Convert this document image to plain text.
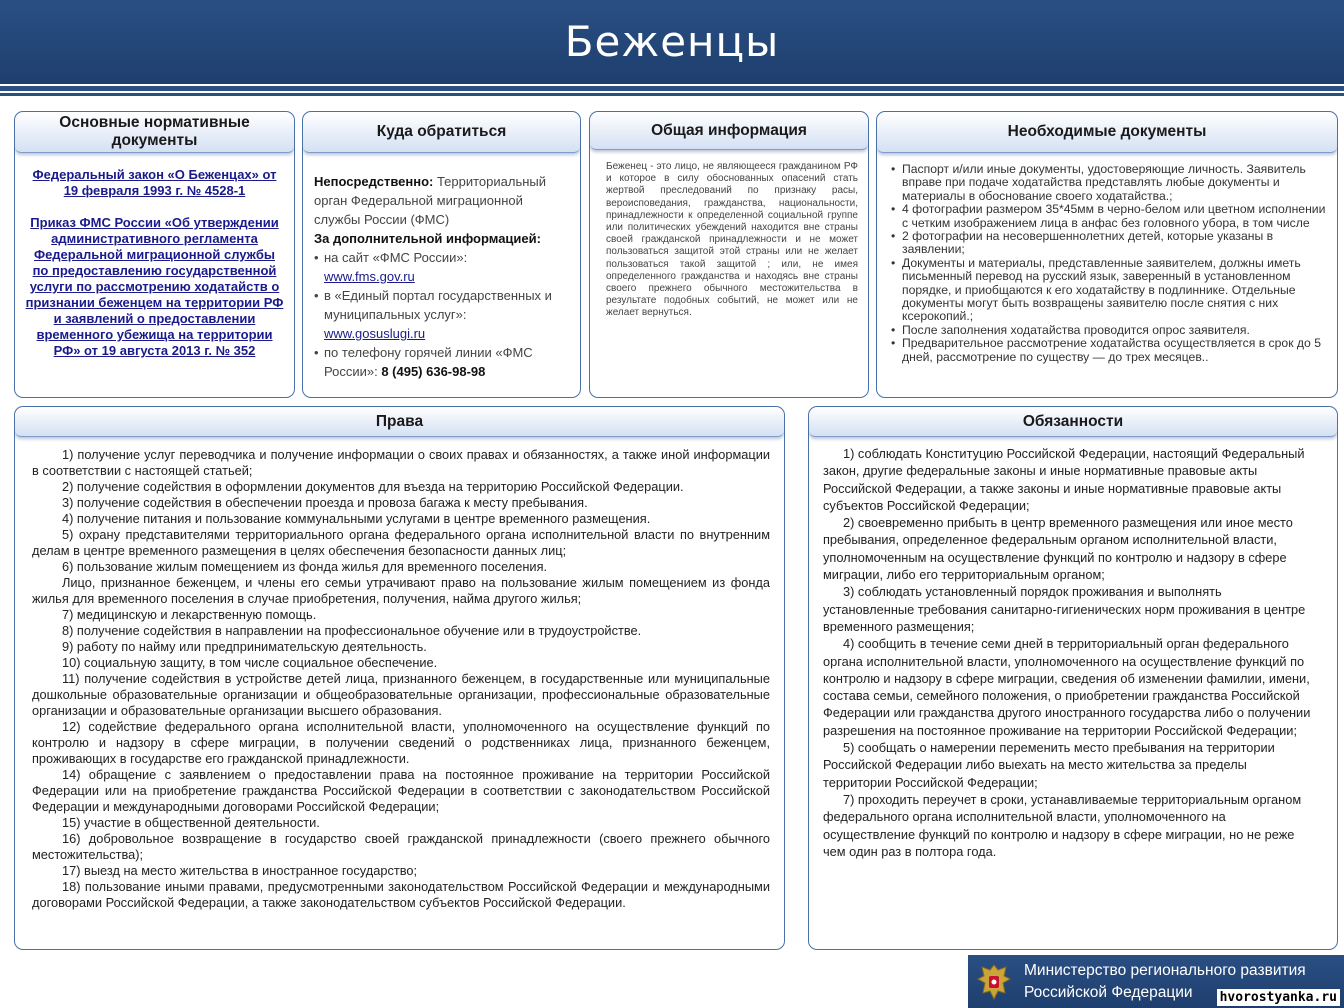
Беженцы
Основные нормативные документы
Федеральный закон «О Беженцах» от 19 февраля 1993 г. № 4528-1
Приказ ФМС России «Об утверждении административного регламента Федеральной миграционной службы по предоставлению государственной услуги по рассмотрению ходатайств о признании беженцем на территории РФ и заявлений о предоставлении временного убежища на территории РФ» от 19 августа 2013 г. № 352
Куда обратиться

Непосредственно: Территориальный орган Федеральной миграционной службы России (ФМС)

За дополнительной информацией:

• на сайт «ФМС России»:
www.fms.gov.ru
• в «Единый портал государственных и муниципальных услуг»:
www.gosuslugi.ru
• по телефону горячей линии «ФМС России»: 8 (495) 636-98-98
Общая информация

Беженец - это лицо, не являющееся гражданином РФ и которое в силу обоснованных опасений стать жертвой преследований по признаку расы, вероисповедания, гражданства, национальности, принадлежности к определенной социальной группе или политических убеждений находится вне страны своей гражданской принадлежности и не может пользоваться защитой этой страны или не желает пользоваться такой защитой ; или, не имея определенного гражданства и находясь вне страны своего прежнего обычного местожительства в результате подобных событий, не может или не желает вернуться.

Необходимые документы
• Паспорт и/или иные документы, удостоверяющие личность. Заявитель вправе при подаче ходатайства представлять любые документы и материалы в обоснование своего ходатайства.;
• 4 фотографии размером 35*45мм в черно-белом или цветном исполнении с четким изображением лица в анфас без головного убора, в том числе
• 2 фотографии на несовершеннолетних детей, которые указаны в заявлении;
• Документы и материалы, представленные заявителем, должны иметь письменный перевод на русский язык, заверенный в установленном порядке, и приобщаются к его ходатайству в подлиннике. Отдельные документы могут быть возвращены заявителю после снятия с них ксерокопий.;
• После заполнения ходатайства проводится опрос заявителя.
• Предварительное рассмотрение ходатайства осуществляется в срок до 5 дней, рассмотрение по существу — до трех месяцев..
Права

1) получение услуг переводчика и получение информации о своих правах и обязанностях, а также иной информации в соответствии с настоящей статьей;

2) получение содействия в оформлении документов для въезда на территорию Российской Федерации.

3) получение содействия в обеспечении проезда и провоза багажа к месту пребывания.

4) получение питания и пользование коммунальными услугами в центре временного размещения.

5) охрану представителями территориального органа федерального органа исполнительной власти по внутренним делам в центре временного размещения в целях обеспечения безопасности данных лиц;

6) пользование жилым помещением из фонда жилья для временного поселения.

Лицо, признанное беженцем, и члены его семьи утрачивают право на пользование жилым помещением из фонда жилья для временного поселения в случае приобретения, получения, найма другого жилья;

7) медицинскую и лекарственную помощь.

8) получение содействия в направлении на профессиональное обучение или в трудоустройстве.

9) работу по найму или предпринимательскую деятельность.

10) социальную защиту, в том числе социальное обеспечение.

11) получение содействия в устройстве детей лица, признанного беженцем, в государственные или муниципальные дошкольные образовательные организации и общеобразовательные организации, профессиональные образовательные организации и образовательные организации высшего образования.

12) содействие федерального органа исполнительной власти, уполномоченного на осуществление функций по контролю и надзору в сфере миграции, в получении сведений о родственниках лица, признанного беженцем, проживающих в государстве его гражданской принадлежности.

14) обращение с заявлением о предоставлении права на постоянное проживание на территории Российской Федерации или на приобретение гражданства Российской Федерации в соответствии с законодательством Российской Федерации и международными договорами Российской Федерации;

15) участие в общественной деятельности.

16) добровольное возвращение в государство своей гражданской принадлежности (своего прежнего обычного местожительства);

17) выезд на место жительства в иностранное государство;

18) пользование иными правами, предусмотренными законодательством Российской Федерации и международными договорами Российской Федерации, а также законодательством субъектов Российской Федерации.

Обязанности

1) соблюдать Конституцию Российской Федерации, настоящий Федеральный закон, другие федеральные законы и иные нормативные правовые акты Российской Федерации, а также законы и иные нормативные правовые акты субъектов Российской Федерации;

2) своевременно прибыть в центр временного размещения или иное место пребывания, определенное федеральным органом исполнительной власти, уполномоченным на осуществление функций по контролю и надзору в сфере миграции, либо его территориальным органом;

3) соблюдать установленный порядок проживания и выполнять установленные требования санитарно-гигиенических норм проживания в центре временного размещения;

4) сообщить в течение семи дней в территориальный орган федерального органа исполнительной власти, уполномоченного на осуществление функций по контролю и надзору в сфере миграции, сведения об изменении фамилии, имени, состава семьи, семейного положения, о приобретении гражданства Российской Федерации или гражданства другого иностранного государства либо о получении разрешения на постоянное проживание на территории Российской Федерации;

5) сообщать о намерении переменить место пребывания на территории Российской Федерации либо выехать на место жительства за пределы территории Российской Федерации;

7) проходить переучет в сроки, устанавливаемые территориальным органом федерального органа исполнительной власти, уполномоченного на осуществление функций по контролю и надзору в сфере миграции, но не реже чем один раз в полтора года.

Министерство регионального развития
Российской Федерации	hvorostyanka.ru
